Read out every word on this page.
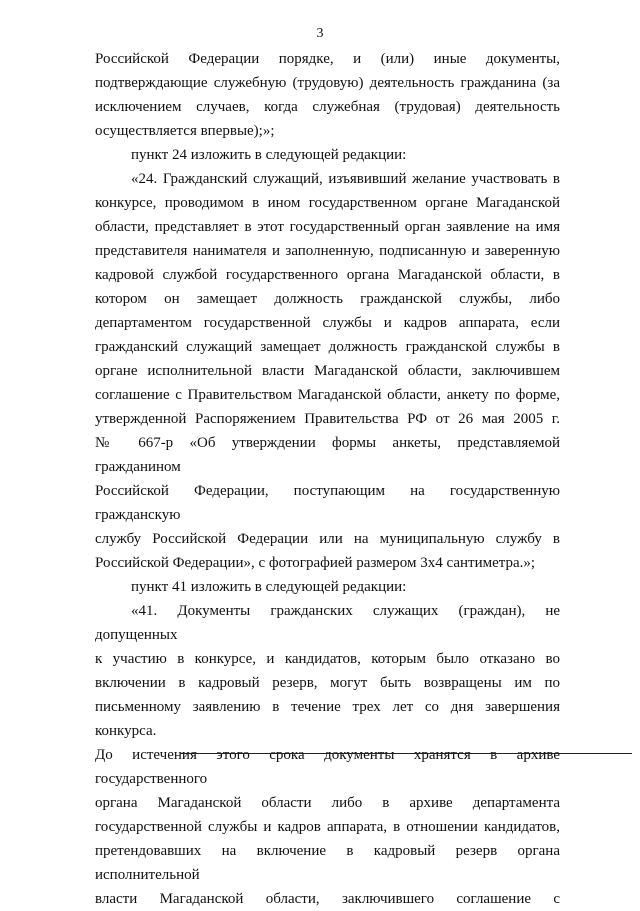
3
Российской Федерации порядке, и (или) иные документы,
подтверждающие служебную (трудовую) деятельность гражданина (за
исключением случаев, когда служебная (трудовая) деятельность
осуществляется впервые);»;
пункт 24 изложить в следующей редакции:
«24. Гражданский служащий, изъявивший желание участвовать в
конкурсе, проводимом в ином государственном органе Магаданской
области, представляет в этот государственный орган заявление на имя
представителя нанимателя и заполненную, подписанную и заверенную
кадровой службой государственного органа Магаданской области, в
котором он замещает должность гражданской службы, либо
департаментом государственной службы и кадров аппарата, если
гражданский служащий замещает должность гражданской службы в
органе исполнительной власти Магаданской области, заключившем
соглашение с Правительством Магаданской области, анкету по форме,
утвержденной Распоряжением Правительства РФ от 26 мая 2005 г.
№ 667-р «Об утверждении формы анкеты, представляемой гражданином
Российской Федерации, поступающим на государственную гражданскую
службу Российской Федерации или на муниципальную службу в
Российской Федерации», с фотографией размером 3х4 сантиметра.»;
пункт 41 изложить в следующей редакции:
«41. Документы гражданских служащих (граждан), не допущенных
к участию в конкурсе, и кандидатов, которым было отказано во
включении в кадровый резерв, могут быть возвращены им по
письменному заявлению в течение трех лет со дня завершения конкурса.
До истечения этого срока документы хранятся в архиве государственного
органа Магаданской области либо в архиве департамента
государственной службы и кадров аппарата, в отношении кандидатов,
претендовавших на включение в кадровый резерв органа исполнительной
власти Магаданской области, заключившего соглашение с
